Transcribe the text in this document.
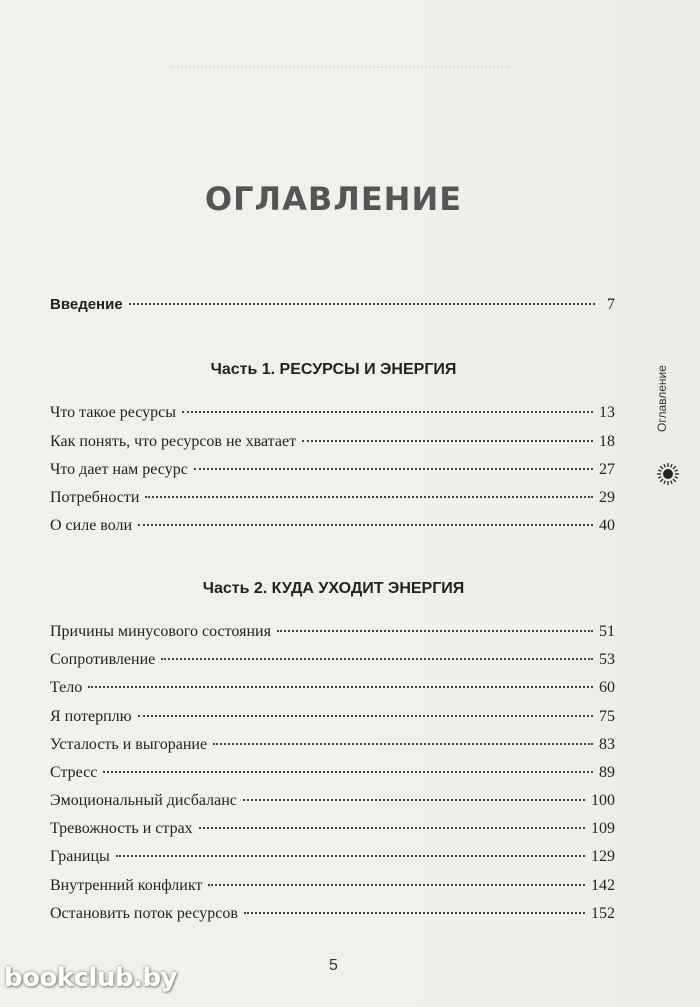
ОГЛАВЛЕНИЕ
Введение	7
Часть 1. РЕСУРСЫ И ЭНЕРГИЯ
Что такое ресурсы	13
Как понять, что ресурсов не хватает	18
Что дает нам ресурс	27
Потребности	29
О силе воли	40
Часть 2. КУДА УХОДИТ ЭНЕРГИЯ
Причины минусового состояния	51
Сопротивление	53
Тело	60
Я потерплю	75
Усталость и выгорание	83
Стресс	89
Эмоциональный дисбаланс	100
Тревожность и страх	109
Границы	129
Внутренний конфликт	142
Остановить поток ресурсов	152
Оглавление
5
bookclub.by
